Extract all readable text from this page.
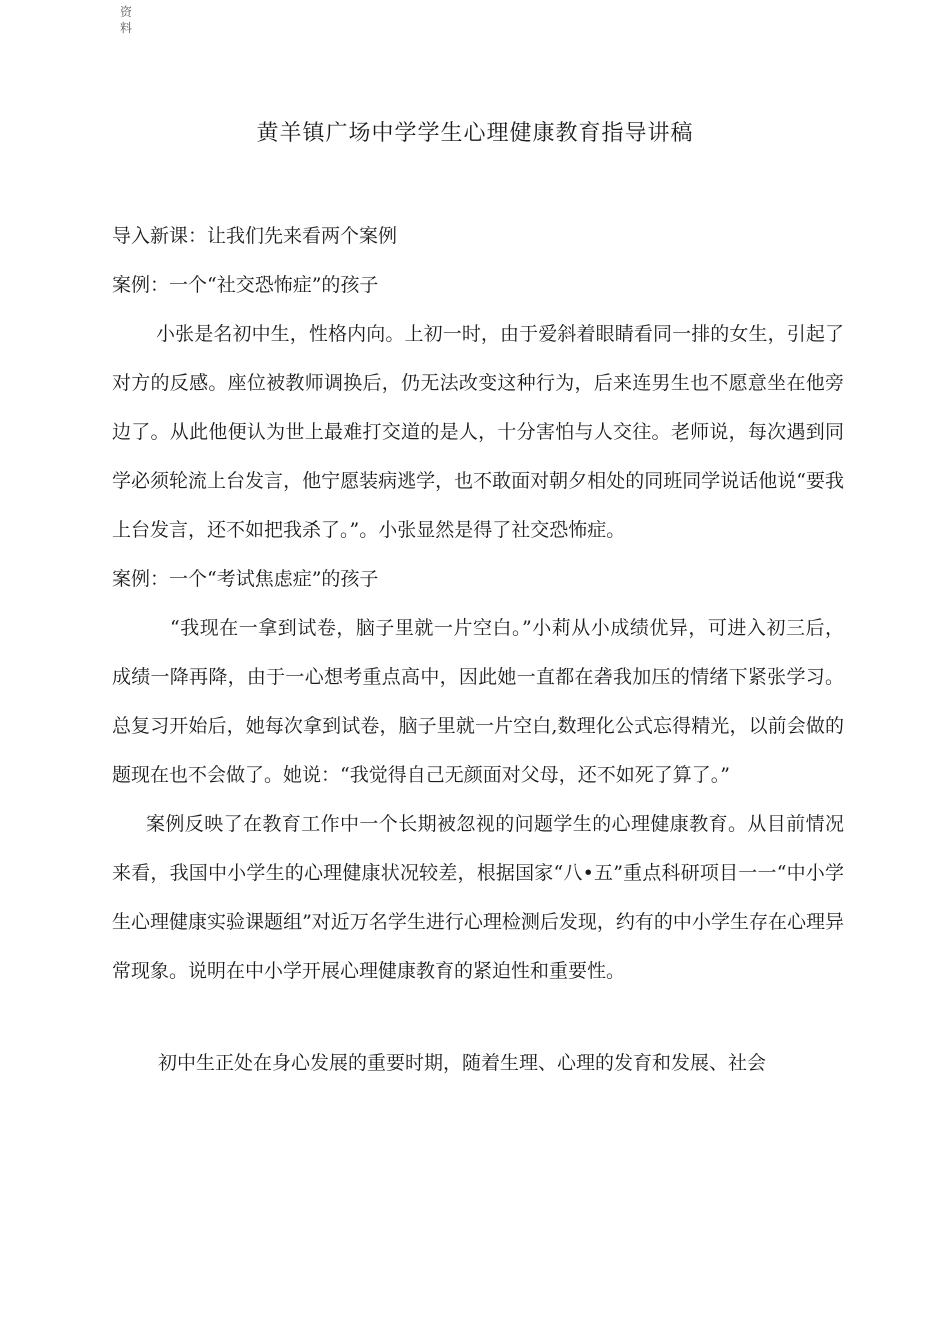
资
料
黄羊镇广场中学学生心理健康教育指导讲稿

导入新课：让我们先来看两个案例

案例：一个“社交恐怖症”的孩子

小张是名初中生，性格内向。上初一时，由于爱斜着眼睛看同一排的女生，引起了对方的反感。座位被教师调换后，仍无法改变这种行为，后来连男生也不愿意坐在他旁边了。从此他便认为世上最难打交道的是人，十分害怕与人交往。老师说，每次遇到同学必须轮流上台发言，他宁愿装病逃学，也不敢面对朝夕相处的同班同学说话他说“要我上台发言，还不如把我杀了。”。小张显然是得了社交恐怖症。

案例：一个“考试焦虑症”的孩子

“我现在一拿到试卷，脑子里就一片空白。”小莉从小成绩优异，可进入初三后，成绩一降再降，由于一心想考重点高中，因此她一直都在砻我加压的情绪下紧张学习。总复习开始后，她每次拿到试卷，脑子里就一片空白,数理化公式忘得精光，以前会做的题现在也不会做了。她说：“我觉得自己无颜面对父母，还不如死了算了。”

案例反映了在教育工作中一个长期被忽视的问题学生的心理健康教育。从目前情况来看，我国中小学生的心理健康状况较差，根据国家“八•五”重点科研项目一一“中小学生心理健康实验课题组”对近万名学生进行心理检测后发现，约有的中小学生存在心理异常现象。说明在中小学开展心理健康教育的紧迫性和重要性。

初中生正处在身心发展的重要时期，随着生理、心理的发育和发展、社会
